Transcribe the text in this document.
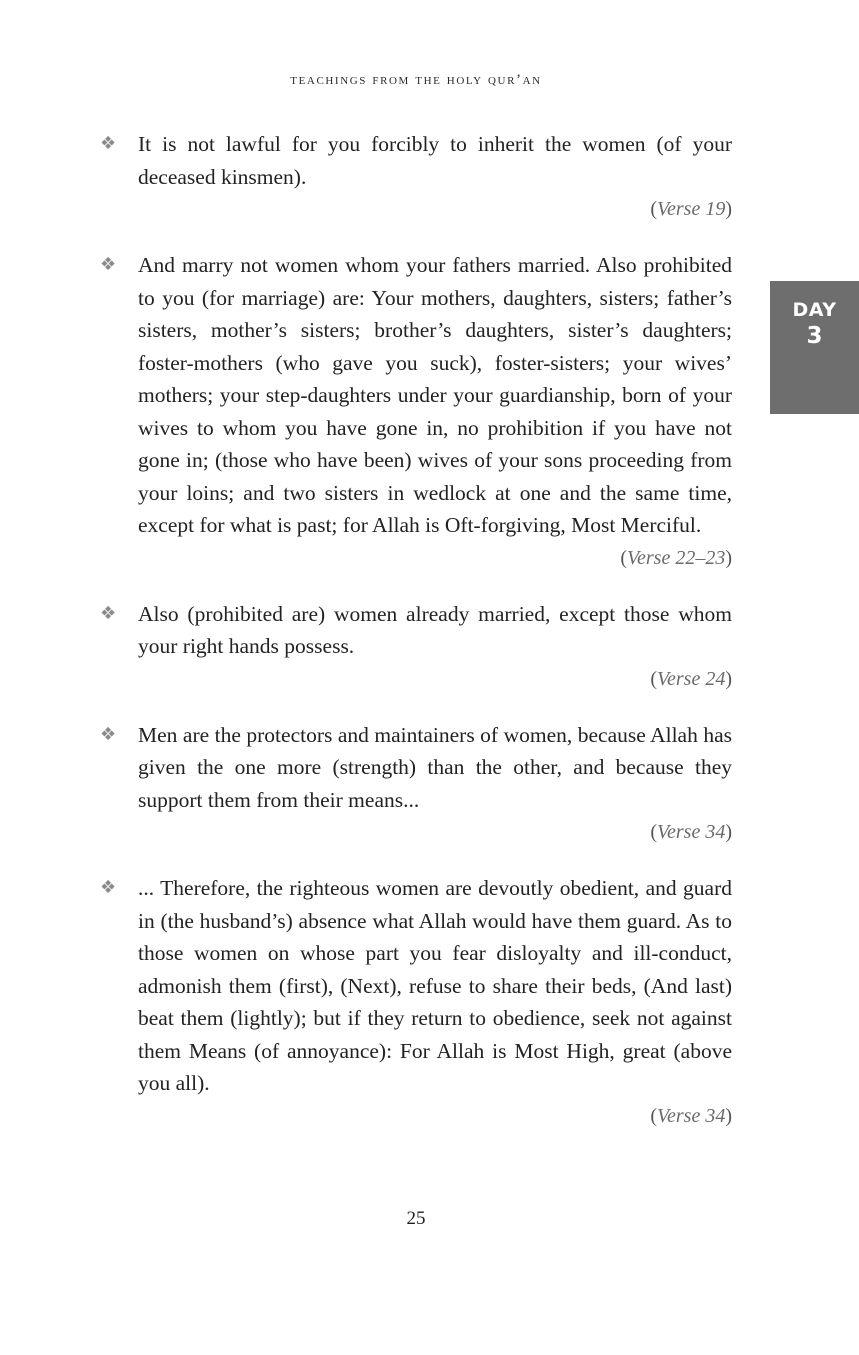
teachings from the holy qur’an
DAY
3
❖ It is not lawful for you forcibly to inherit the women (of your deceased kinsmen).

(Verse 19)
❖ And marry not women whom your fathers married. Also prohibited to you (for marriage) are: Your mothers, daughters, sisters; father’s sisters, mother’s sisters; brother’s daughters, sister’s daughters; foster-mothers (who gave you suck), foster-sisters; your wives’ mothers; your step-daughters under your guardianship, born of your wives to whom you have gone in, no prohibition if you have not gone in; (those who have been) wives of your sons proceeding from your loins; and two sisters in wedlock at one and the same time, except for what is past; for Allah is Oft-forgiving, Most Merciful.

(Verse 22–23)
❖ Also (prohibited are) women already married, except those whom your right hands possess.

(Verse 24)
❖ Men are the protectors and maintainers of women, because Allah has given the one more (strength) than the other, and because they support them from their means...

(Verse 34)
❖ ... Therefore, the righteous women are devoutly obedient, and guard in (the husband’s) absence what Allah would have them guard. As to those women on whose part you fear disloyalty and ill-conduct, admonish them (first), (Next), refuse to share their beds, (And last) beat them (lightly); but if they return to obedience, seek not against them Means (of annoyance): For Allah is Most High, great (above you all).

(Verse 34)
25
